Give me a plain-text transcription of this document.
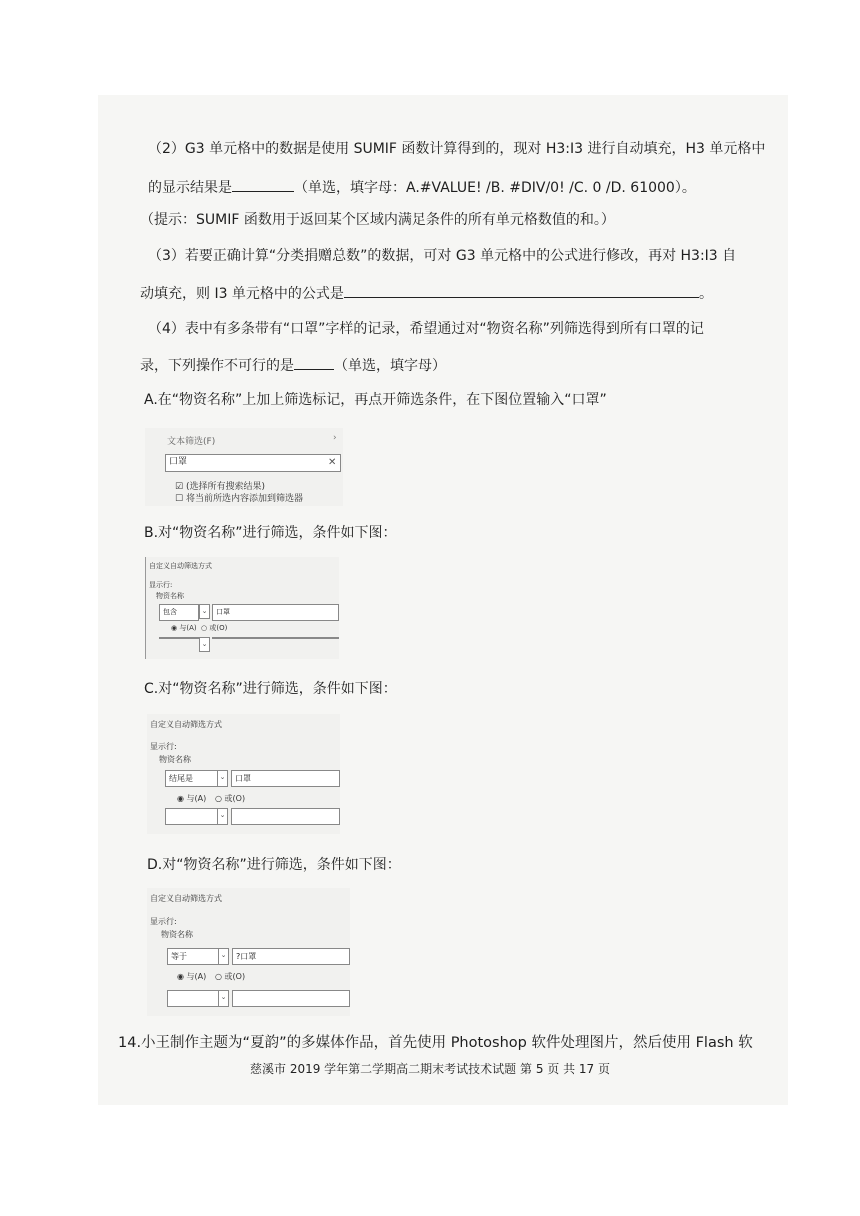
（2）G3 单元格中的数据是使用 SUMIF 函数计算得到的，现对 H3:I3 进行自动填充，H3 单元格中
的显示结果是	（单选，填字母：A.#VALUE! /B. #DIV/0! /C. 0 /D. 61000）。
（提示：SUMIF 函数用于返回某个区域内满足条件的所有单元格数值的和。）
（3）若要正确计算“分类捐赠总数”的数据，可对 G3 单元格中的公式进行修改，再对 H3:I3 自
动填充，则 I3 单元格中的公式是	。
（4）表中有多条带有“口罩”字样的记录，希望通过对“物资名称”列筛选得到所有口罩的记
录，下列操作不可行的是	（单选，填字母）
A.在“物资名称”上加上筛选标记，再点开筛选条件，在下图位置输入“口罩”
文本筛选(F)	›
口罩	✕
☑ (选择所有搜索结果)
☐ 将当前所选内容添加到筛选器
B.对“物资名称”进行筛选，条件如下图：
自定义自动筛选方式
显示行:
物资名称
包含	⌄	口罩
◉ 与(A) ○ 或(O)
⌄
C.对“物资名称”进行筛选，条件如下图：
自定义自动筛选方式
显示行:
物资名称
结尾是	⌄	口罩
◉ 与(A) ○ 或(O)
⌄
D.对“物资名称”进行筛选，条件如下图：
自定义自动筛选方式
显示行:
物资名称
等于	⌄	?口罩
◉ 与(A) ○ 或(O)
⌄
14.小王制作主题为“夏韵”的多媒体作品，首先使用 Photoshop 软件处理图片，然后使用 Flash 软
慈溪市 2019 学年第二学期高二期末考试技术试题 第 5 页 共 17 页
